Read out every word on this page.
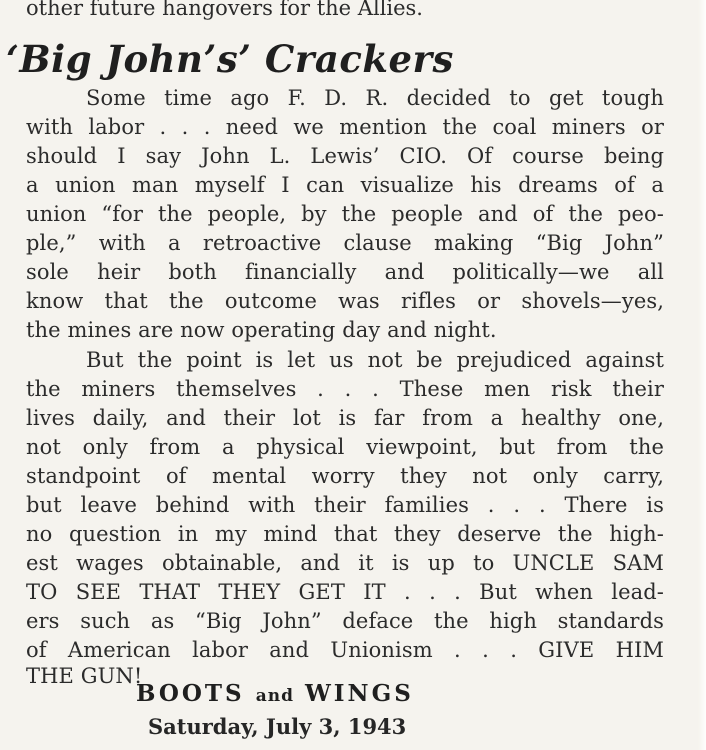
other future hangovers for the Allies.
‘Big John’s’ Crackers
Some time ago F. D. R. decided to get tough
with labor . . . need we mention the coal miners or
should I say John L. Lewis’ CIO. Of course being
a union man myself I can visualize his dreams of a
union “for the people, by the people and of the peo-
ple,” with a retroactive clause making “Big John”
sole heir both financially and politically—we all
know that the outcome was rifles or shovels—yes,
the mines are now operating day and night.
But the point is let us not be prejudiced against
the miners themselves . . . These men risk their
lives daily, and their lot is far from a healthy one,
not only from a physical viewpoint, but from the
standpoint of mental worry they not only carry,
but leave behind with their families . . . There is
no question in my mind that they deserve the high-
est wages obtainable, and it is up to UNCLE SAM
TO SEE THAT THEY GET IT . . . But when lead-
ers such as “Big John” deface the high standards
of American labor and Unionism . . . GIVE HIM
THE GUN!
BOOTS and WINGS
Saturday, July 3, 1943
